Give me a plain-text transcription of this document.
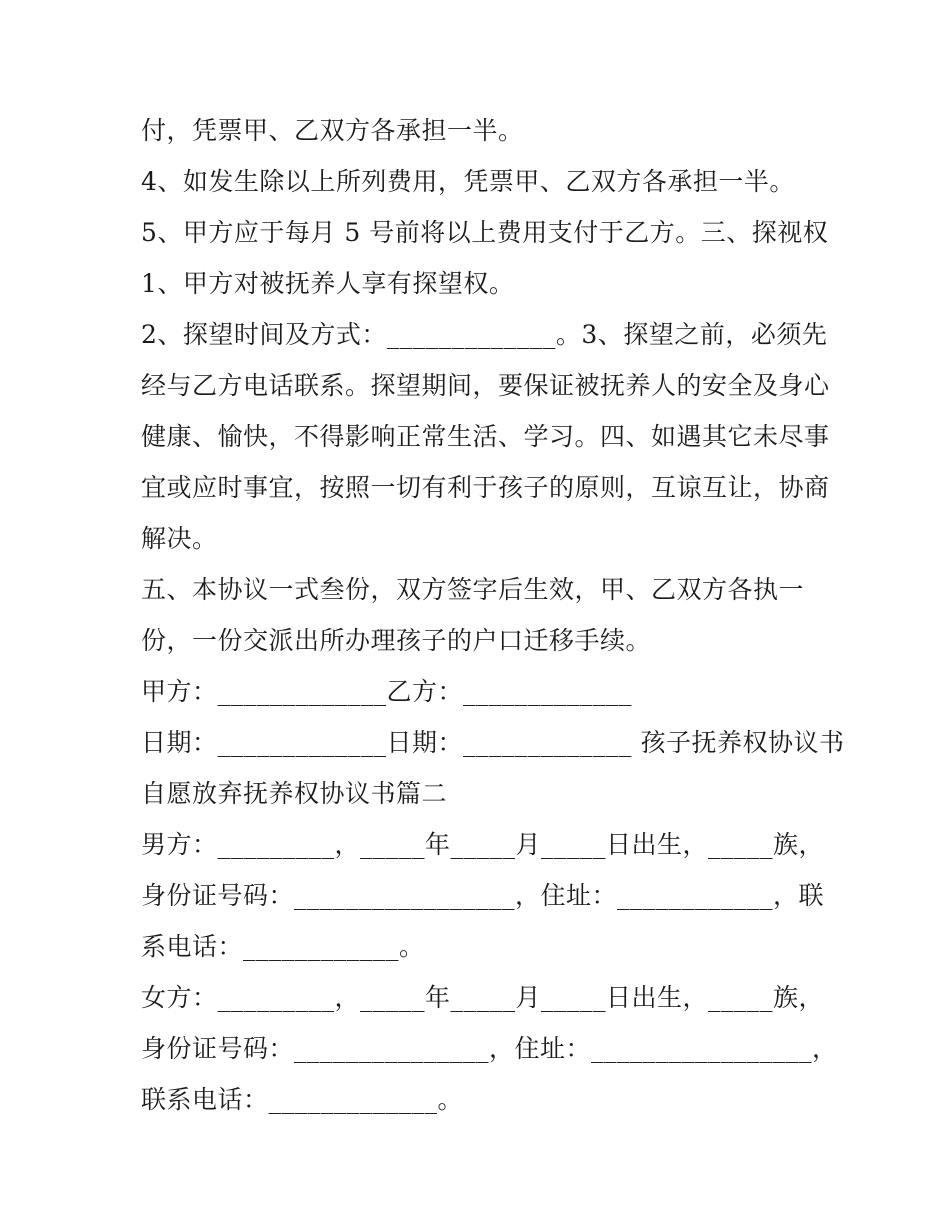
付，凭票甲、乙双方各承担一半。
4、如发生除以上所列费用，凭票甲、乙双方各承担一半。
5、甲方应于每月 5 号前将以上费用支付于乙方。三、探视权
1、甲方对被抚养人享有探望权。
2、探望时间及方式：_____________。3、探望之前，必须先
经与乙方电话联系。探望期间，要保证被抚养人的安全及身心
健康、愉快，不得影响正常生活、学习。四、如遇其它未尽事
宜或应时事宜，按照一切有利于孩子的原则，互谅互让，协商
解决。
五、本协议一式叁份，双方签字后生效，甲、乙双方各执一
份，一份交派出所办理孩子的户口迁移手续。
甲方：_____________乙方：_____________
日期：_____________日期：_____________ 孩子抚养权协议书
自愿放弃抚养权协议书篇二
男方：_________，_____年_____月_____日出生，_____族，
身份证号码：_________________，住址：____________，联
系电话：____________。
女方：_________，_____年_____月_____日出生，_____族，
身份证号码：_______________，住址：_________________，
联系电话：_____________。
